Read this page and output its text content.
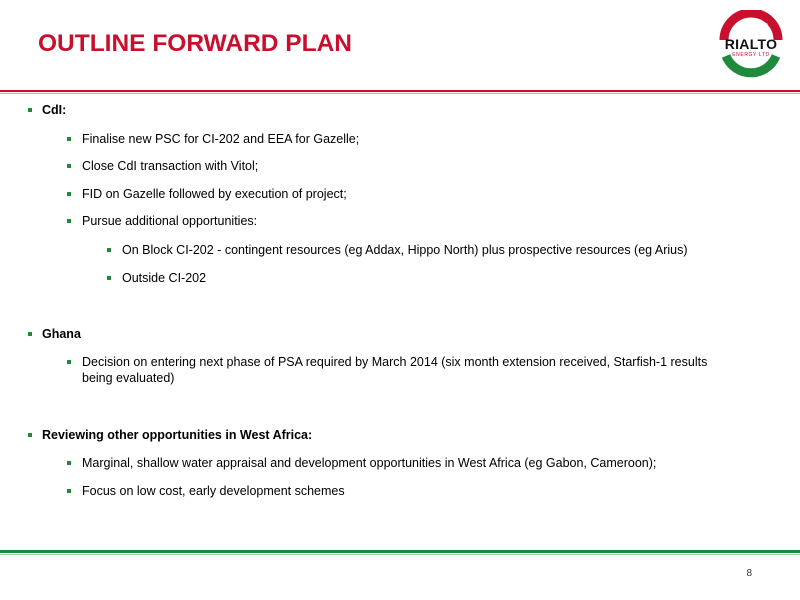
OUTLINE FORWARD PLAN	RIALTO
ENERGY LTD
CdI:
Finalise new PSC for CI-202 and EEA for Gazelle;
Close CdI transaction with Vitol;
FID on Gazelle followed by execution of project;
Pursue additional opportunities:
On Block CI-202 - contingent resources (eg Addax, Hippo North) plus prospective resources (eg Arius)
Outside CI-202
Ghana
Decision on entering next phase of PSA required by March 2014 (six month extension received, Starfish-1 results being evaluated)
Reviewing other opportunities in West Africa:
Marginal, shallow water appraisal and development opportunities in West Africa (eg Gabon, Cameroon);
Focus on low cost, early development schemes
8
